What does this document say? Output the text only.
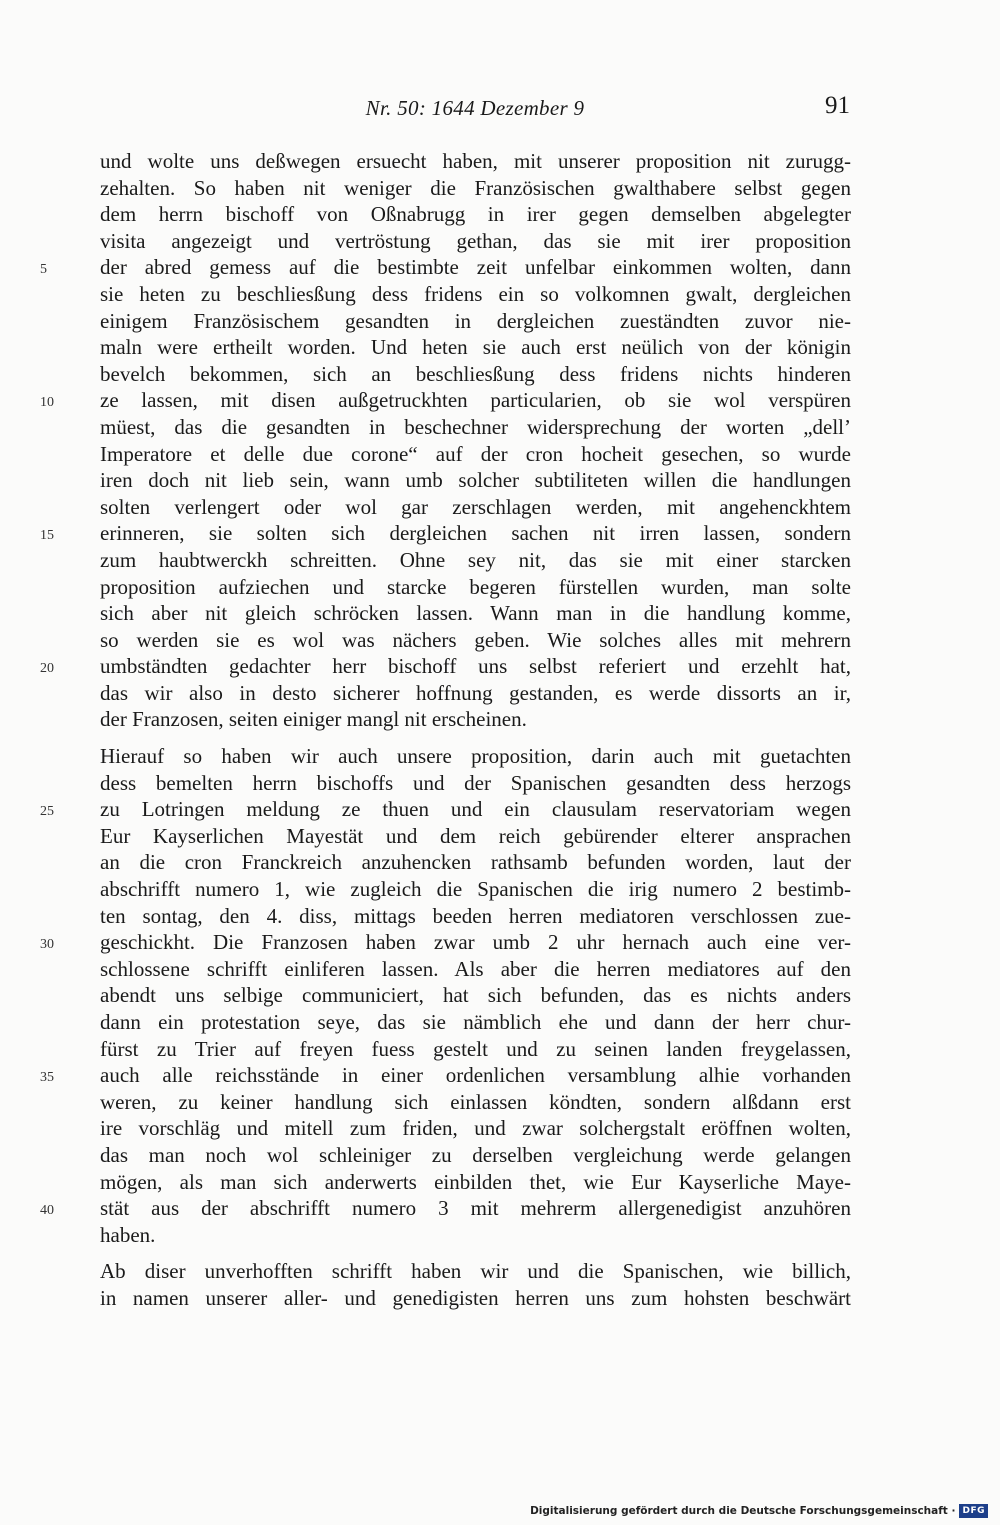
Nr. 50: 1644 Dezember 9	91
und wolte uns deßwegen ersuecht haben, mit unserer proposition nit zurugg-
zehalten. So haben nit weniger die Französischen gwalthabere selbst gegen
dem herrn bischoff von Oßnabrugg in irer gegen demselben abgelegter
visita angezeigt und vertröstung gethan, das sie mit irer proposition
5	der abred gemess auf die bestimbte zeit unfelbar einkommen wolten, dann
sie heten zu beschliesßung dess fridens ein so volkomnen gwalt, dergleichen
einigem Französischem gesandten in dergleichen zueständten zuvor nie-
maln were ertheilt worden. Und heten sie auch erst neülich von der königin
bevelch bekommen, sich an beschliesßung dess fridens nichts hinderen
10	ze lassen, mit disen außgetruckhten particularien, ob sie wol verspüren
müest, das die gesandten in beschechner widersprechung der worten „dell’
Imperatore et delle due corone“ auf der cron hocheit gesechen, so wurde
iren doch nit lieb sein, wann umb solcher subtiliteten willen die handlungen
solten verlengert oder wol gar zerschlagen werden, mit angehenckhtem
15	erinneren, sie solten sich dergleichen sachen nit irren lassen, sondern
zum haubtwerckh schreitten. Ohne sey nit, das sie mit einer starcken
proposition aufziechen und starcke begeren fürstellen wurden, man solte
sich aber nit gleich schröcken lassen. Wann man in die handlung komme,
so werden sie es wol was nächers geben. Wie solches alles mit mehrern
20	umbständten gedachter herr bischoff uns selbst referiert und erzehlt hat,
das wir also in desto sicherer hoffnung gestanden, es werde dissorts an ir,
der Franzosen, seiten einiger mangl nit erscheinen.
Hierauf so haben wir auch unsere proposition, darin auch mit guetachten
dess bemelten herrn bischoffs und der Spanischen gesandten dess herzogs
25	zu Lotringen meldung ze thuen und ein clausulam reservatoriam wegen
Eur Kayserlichen Mayestät und dem reich gebürender elterer ansprachen
an die cron Franckreich anzuhencken rathsamb befunden worden, laut der
abschrifft numero 1, wie zugleich die Spanischen die irig numero 2 bestimb-
ten sontag, den 4. diss, mittags beeden herren mediatoren verschlossen zue-
30	geschickht. Die Franzosen haben zwar umb 2 uhr hernach auch eine ver-
schlossene schrifft einliferen lassen. Als aber die herren mediatores auf den
abendt uns selbige communiciert, hat sich befunden, das es nichts anders
dann ein protestation seye, das sie nämblich ehe und dann der herr chur-
fürst zu Trier auf freyen fuess gestelt und zu seinen landen freygelassen,
35	auch alle reichsstände in einer ordenlichen versamblung alhie vorhanden
weren, zu keiner handlung sich einlassen köndten, sondern alßdann erst
ire vorschläg und mitell zum friden, und zwar solchergstalt eröffnen wolten,
das man noch wol schleiniger zu derselben vergleichung werde gelangen
mögen, als man sich anderwerts einbilden thet, wie Eur Kayserliche Maye-
40	stät aus der abschrifft numero 3 mit mehrerm allergenedigist anzuhören
haben.
Ab diser unverhofften schrifft haben wir und die Spanischen, wie billich,
in namen unserer aller- und genedigisten herren uns zum hohsten beschwärt
Digitalisierung gefördert durch die Deutsche Forschungsgemeinschaft · DFG
